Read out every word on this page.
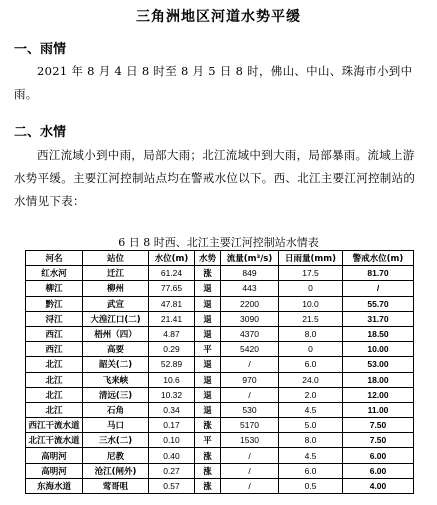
三角洲地区河道水势平缓
一、雨情
2021 年 8 月 4 日 8 时至 8 月 5 日 8 时，佛山、中山、珠海市小到中雨。
二、水情
西江流域小到中雨，局部大雨；北江流域中到大雨，局部暴雨。流域上游水势平缓。主要江河控制站点均在警戒水位以下。西、北江主要江河控制站的水情见下表：
6 日 8 时西、北江主要江河控制站水情表
河名	站位	水位(m)	水势	流量(m³/s)	日雨量(mm)	警戒水位(m)
红水河	迁江	61.24	涨	849	17.5	81.70
柳江	柳州	77.65	退	443	0	/
黔江	武宣	47.81	退	2200	10.0	55.70
浔江	大湟江口(二)	21.41	退	3090	21.5	31.70
西江	梧州（四）	4.87	退	4370	8.0	18.50
西江	高要	0.29	平	5420	0	10.00
北江	韶关(二)	52.89	退	/	6.0	53.00
北江	飞来峡	10.6	退	970	24.0	18.00
北江	清远(三)	10.32	退	/	2.0	12.00
北江	石角	0.34	退	530	4.5	11.00
西江干流水道	马口	0.17	涨	5170	5.0	7.50
北江干流水道	三水(二)	0.10	平	1530	8.0	7.50
高明河	尼教	0.40	涨	/	4.5	6.00
高明河	沧江(闸外)	0.27	涨	/	6.0	6.00
东海水道	莺哥咀	0.57	涨	/	0.5	4.00
